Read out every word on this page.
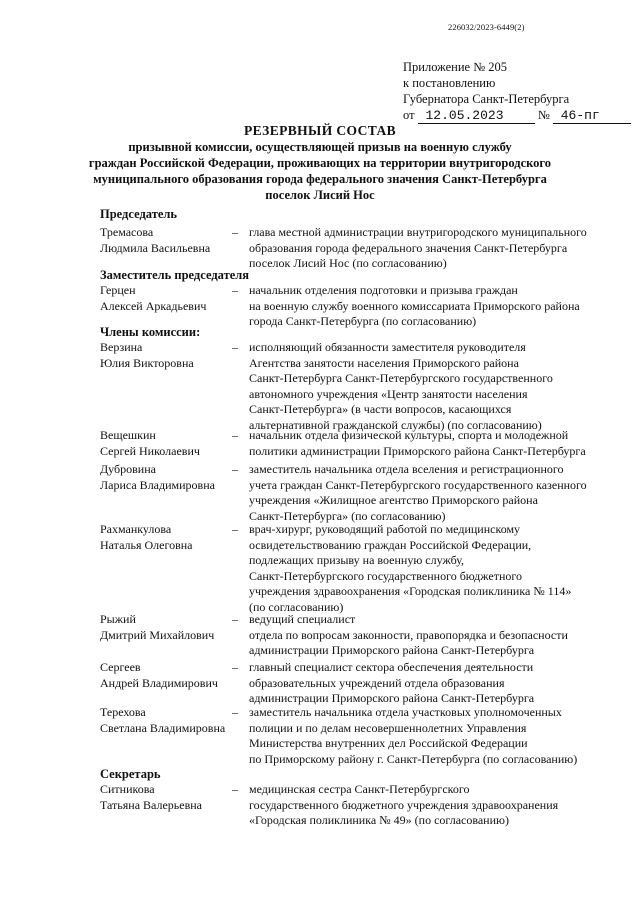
226032/2023-6449(2)
Приложение № 205
к постановлению
Губернатора Санкт-Петербурга
от 12.05.2023	№ 46-пг
РЕЗЕРВНЫЙ СОСТАВ
призывной комиссии, осуществляющей призыв на военную службу
граждан Российской Федерации, проживающих на территории внутригородского
муниципального образования города федерального значения Санкт-Петербурга
поселок Лисий Нос
Председатель
Тремасова
Людмила Васильевна
– глава местной администрации внутригородского муниципального
образования города федерального значения Санкт-Петербурга
поселок Лисий Нос (по согласованию)
Заместитель председателя
Герцен
Алексей Аркадьевич
– начальник отделения подготовки и призыва граждан
на военную службу военного комиссариата Приморского района
города Санкт-Петербурга (по согласованию)
Члены комиссии:
Верзина
Юлия Викторовна
– исполняющий обязанности заместителя руководителя
Агентства занятости населения Приморского района
Санкт-Петербурга Санкт-Петербургского государственного
автономного учреждения «Центр занятости населения
Санкт-Петербурга» (в части вопросов, касающихся
альтернативной гражданской службы) (по согласованию)
Вещешкин
Сергей Николаевич
– начальник отдела физической культуры, спорта и молодежной
политики администрации Приморского района Санкт-Петербурга
Дубровина
Лариса Владимировна
– заместитель начальника отдела вселения и регистрационного
учета граждан Санкт-Петербургского государственного казенного
учреждения «Жилищное агентство Приморского района
Санкт-Петербурга» (по согласованию)
Рахманкулова
Наталья Олеговна
– врач-хирург, руководящий работой по медицинскому
освидетельствованию граждан Российской Федерации,
подлежащих призыву на военную службу,
Санкт-Петербургского государственного бюджетного
учреждения здравоохранения «Городская поликлиника № 114»
(по согласованию)
Рыжий
Дмитрий Михайлович
– ведущий специалист
отдела по вопросам законности, правопорядка и безопасности
администрации Приморского района Санкт-Петербурга
Сергеев
Андрей Владимирович
– главный специалист сектора обеспечения деятельности
образовательных учреждений отдела образования
администрации Приморского района Санкт-Петербурга
Терехова
Светлана Владимировна
– заместитель начальника отдела участковых уполномоченных
полиции и по делам несовершеннолетних Управления
Министерства внутренних дел Российской Федерации
по Приморскому району г. Санкт-Петербурга (по согласованию)
Секретарь
Ситникова
Татьяна Валерьевна
– медицинская сестра Санкт-Петербургского
государственного бюджетного учреждения здравоохранения
«Городская поликлиника № 49» (по согласованию)
